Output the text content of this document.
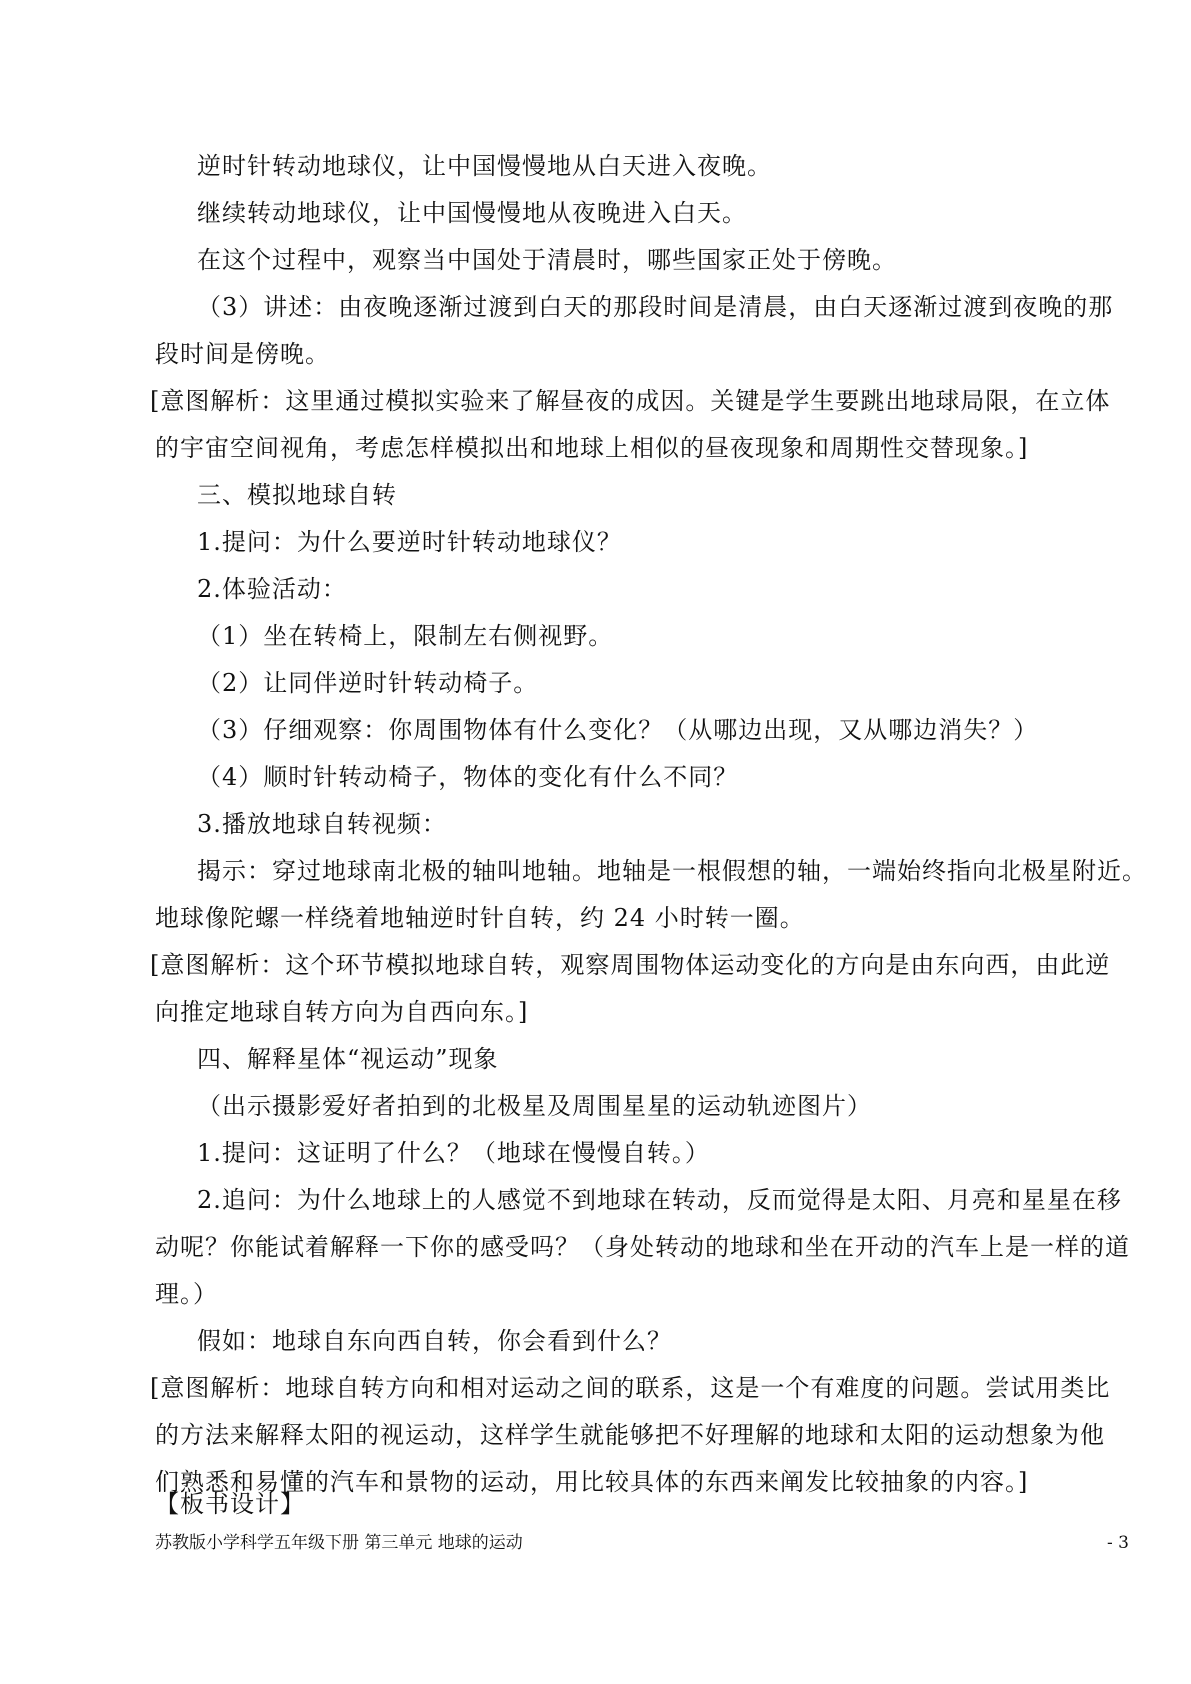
逆时针转动地球仪，让中国慢慢地从白天进入夜晚。
继续转动地球仪，让中国慢慢地从夜晚进入白天。
在这个过程中，观察当中国处于清晨时，哪些国家正处于傍晚。
（3）讲述：由夜晚逐渐过渡到白天的那段时间是清晨，由白天逐渐过渡到夜晚的那
段时间是傍晚。
[意图解析：这里通过模拟实验来了解昼夜的成因。关键是学生要跳出地球局限，在立体
的宇宙空间视角，考虑怎样模拟出和地球上相似的昼夜现象和周期性交替现象。]
三、模拟地球自转
1.提问：为什么要逆时针转动地球仪？
2.体验活动：
（1）坐在转椅上，限制左右侧视野。
（2）让同伴逆时针转动椅子。
（3）仔细观察：你周围物体有什么变化？（从哪边出现，又从哪边消失？）
（4）顺时针转动椅子，物体的变化有什么不同？
3.播放地球自转视频：
揭示：穿过地球南北极的轴叫地轴。地轴是一根假想的轴，一端始终指向北极星附近。
地球像陀螺一样绕着地轴逆时针自转，约 24 小时转一圈。
[意图解析：这个环节模拟地球自转，观察周围物体运动变化的方向是由东向西，由此逆
向推定地球自转方向为自西向东。]
四、解释星体“视运动”现象
（出示摄影爱好者拍到的北极星及周围星星的运动轨迹图片）
1.提问：这证明了什么？（地球在慢慢自转。）
2.追问：为什么地球上的人感觉不到地球在转动，反而觉得是太阳、月亮和星星在移
动呢？你能试着解释一下你的感受吗？（身处转动的地球和坐在开动的汽车上是一样的道
理。）
假如：地球自东向西自转，你会看到什么？
[意图解析：地球自转方向和相对运动之间的联系，这是一个有难度的问题。尝试用类比
的方法来解释太阳的视运动，这样学生就能够把不好理解的地球和太阳的运动想象为他
们熟悉和易懂的汽车和景物的运动，用比较具体的东西来阐发比较抽象的内容。]
【板书设计】
苏教版小学科学五年级下册 第三单元 地球的运动	- 3
